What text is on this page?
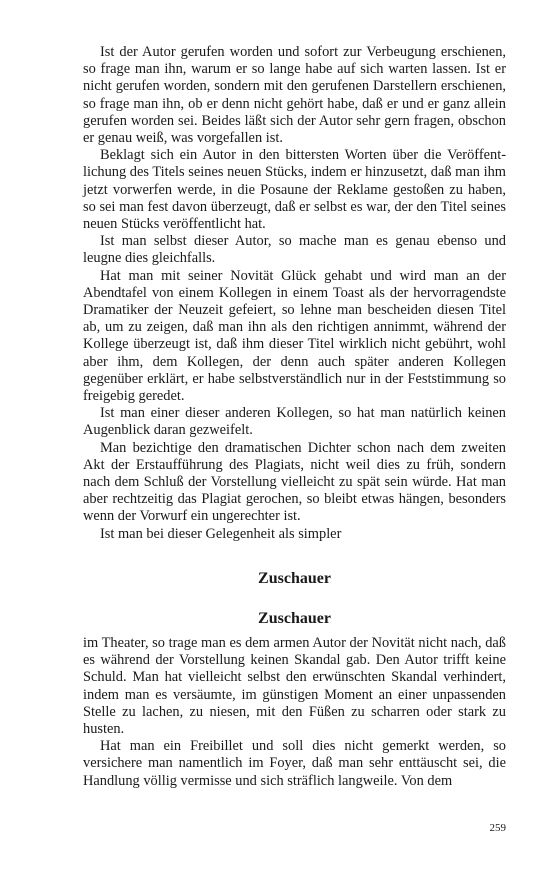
Ist der Autor gerufen worden und sofort zur Verbeugung erschienen, so frage man ihn, warum er so lange habe auf sich warten lassen. Ist er nicht gerufen worden, sondern mit den gerufenen Darstellern erschienen, so frage man ihn, ob er denn nicht gehört habe, daß er und er ganz allein gerufen worden sei. Beides läßt sich der Autor sehr gern fragen, obschon er genau weiß, was vorgefallen ist.

Beklagt sich ein Autor in den bittersten Worten über die Veröffentlichung des Titels seines neuen Stücks, indem er hinzusetzt, daß man ihm jetzt vorwerfen werde, in die Posaune der Reklame gestoßen zu haben, so sei man fest davon überzeugt, daß er selbst es war, der den Titel seines neuen Stücks veröffentlicht hat.

Ist man selbst dieser Autor, so mache man es genau ebenso und leugne dies gleichfalls.

Hat man mit seiner Novität Glück gehabt und wird man an der Abendtafel von einem Kollegen in einem Toast als der hervorragendste Dramatiker der Neuzeit gefeiert, so lehne man bescheiden diesen Titel ab, um zu zeigen, daß man ihn als den richtigen annimmt, während der Kollege überzeugt ist, daß ihm dieser Titel wirklich nicht gebührt, wohl aber ihm, dem Kollegen, der denn auch später anderen Kollegen gegenüber erklärt, er habe selbstverständlich nur in der Feststimmung so freigebig geredet.

Ist man einer dieser anderen Kollegen, so hat man natürlich keinen Augenblick daran gezweifelt.

Man bezichtige den dramatischen Dichter schon nach dem zweiten Akt der Erstaufführung des Plagiats, nicht weil dies zu früh, sondern nach dem Schluß der Vorstellung vielleicht zu spät sein würde. Hat man aber rechtzeitig das Plagiat gerochen, so bleibt etwas hängen, besonders wenn der Vorwurf ein ungerechter ist.

Ist man bei dieser Gelegenheit als simpler

Zuschauer
Zuschauer

im Theater, so trage man es dem armen Autor der Novität nicht nach, daß es während der Vorstellung keinen Skandal gab. Den Autor trifft keine Schuld. Man hat vielleicht selbst den erwünschten Skandal verhindert, indem man es versäumte, im günstigen Moment an einer unpassenden Stelle zu lachen, zu niesen, mit den Füßen zu scharren oder stark zu husten.

Hat man ein Freibillet und soll dies nicht gemerkt werden, so versichere man namentlich im Foyer, daß man sehr enttäuscht sei, die Handlung völlig vermisse und sich sträflich langweile. Von dem

259
